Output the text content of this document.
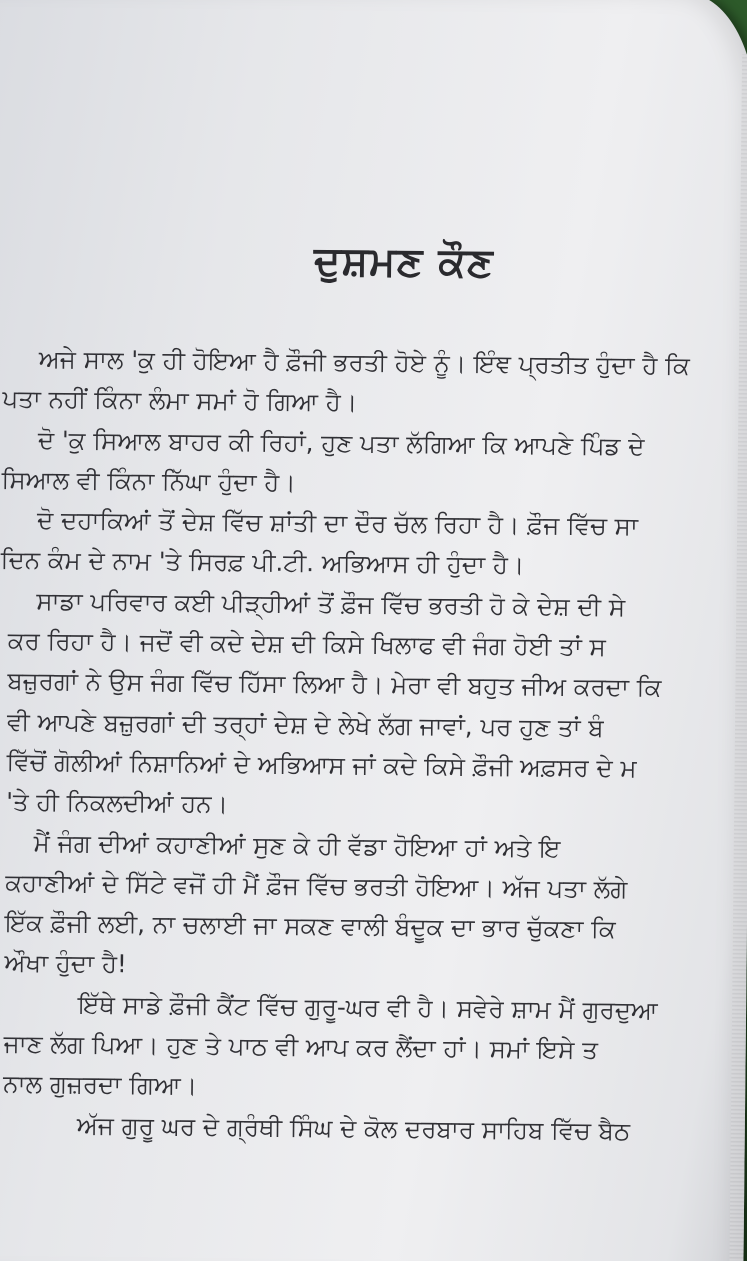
ਦੁਸ਼ਮਣ ਕੌਣ
ਅਜੇ ਸਾਲ 'ਕੁ ਹੀ ਹੋਇਆ ਹੈ ਫ਼ੌਜੀ ਭਰਤੀ ਹੋਏ ਨੂੰ। ਇੰਞ ਪ੍ਰਤੀਤ ਹੁੰਦਾ ਹੈ ਕਿ
ਪਤਾ ਨਹੀਂ ਕਿੰਨਾ ਲੰਮਾ ਸਮਾਂ ਹੋ ਗਿਆ ਹੈ।
ਦੋ 'ਕੁ ਸਿਆਲ ਬਾਹਰ ਕੀ ਰਿਹਾਂ, ਹੁਣ ਪਤਾ ਲੱਗਿਆ ਕਿ ਆਪਣੇ ਪਿੰਡ ਦੇ
ਸਿਆਲ ਵੀ ਕਿੰਨਾ ਨਿੱਘਾ ਹੁੰਦਾ ਹੈ।
ਦੋ ਦਹਾਕਿਆਂ ਤੋਂ ਦੇਸ਼ ਵਿੱਚ ਸ਼ਾਂਤੀ ਦਾ ਦੌਰ ਚੱਲ ਰਿਹਾ ਹੈ। ਫ਼ੌਜ ਵਿੱਚ ਸਾ
ਦਿਨ ਕੰਮ ਦੇ ਨਾਮ 'ਤੇ ਸਿਰਫ਼ ਪੀ.ਟੀ. ਅਭਿਆਸ ਹੀ ਹੁੰਦਾ ਹੈ।
ਸਾਡਾ ਪਰਿਵਾਰ ਕਈ ਪੀੜ੍ਹੀਆਂ ਤੋਂ ਫ਼ੌਜ ਵਿੱਚ ਭਰਤੀ ਹੋ ਕੇ ਦੇਸ਼ ਦੀ ਸੇ
ਕਰ ਰਿਹਾ ਹੈ। ਜਦੋਂ ਵੀ ਕਦੇ ਦੇਸ਼ ਦੀ ਕਿਸੇ ਖਿਲਾਫ ਵੀ ਜੰਗ ਹੋਈ ਤਾਂ ਸ
ਬਜ਼ੁਰਗਾਂ ਨੇ ਉਸ ਜੰਗ ਵਿੱਚ ਹਿੱਸਾ ਲਿਆ ਹੈ। ਮੇਰਾ ਵੀ ਬਹੁਤ ਜੀਅ ਕਰਦਾ ਕਿ
ਵੀ ਆਪਣੇ ਬਜ਼ੁਰਗਾਂ ਦੀ ਤਰ੍ਹਾਂ ਦੇਸ਼ ਦੇ ਲੇਖੇ ਲੱਗ ਜਾਵਾਂ, ਪਰ ਹੁਣ ਤਾਂ ਬੰ
ਵਿੱਚੋਂ ਗੋਲੀਆਂ ਨਿਸ਼ਾਨਿਆਂ ਦੇ ਅਭਿਆਸ ਜਾਂ ਕਦੇ ਕਿਸੇ ਫ਼ੌਜੀ ਅਫ਼ਸਰ ਦੇ ਮ
'ਤੇ ਹੀ ਨਿਕਲਦੀਆਂ ਹਨ।
ਮੈਂ ਜੰਗ ਦੀਆਂ ਕਹਾਣੀਆਂ ਸੁਣ ਕੇ ਹੀ ਵੱਡਾ ਹੋਇਆ ਹਾਂ ਅਤੇ ਇ
ਕਹਾਣੀਆਂ ਦੇ ਸਿੱਟੇ ਵਜੋਂ ਹੀ ਮੈਂ ਫ਼ੌਜ ਵਿੱਚ ਭਰਤੀ ਹੋਇਆ। ਅੱਜ ਪਤਾ ਲੱਗੇ
ਇੱਕ ਫ਼ੌਜੀ ਲਈ, ਨਾ ਚਲਾਈ ਜਾ ਸਕਣ ਵਾਲੀ ਬੰਦੂਕ ਦਾ ਭਾਰ ਚੁੱਕਣਾ ਕਿ
ਔਖਾ ਹੁੰਦਾ ਹੈ!
ਇੱਥੇ ਸਾਡੇ ਫ਼ੌਜੀ ਕੈਂਟ ਵਿੱਚ ਗੁਰੂ-ਘਰ ਵੀ ਹੈ। ਸਵੇਰੇ ਸ਼ਾਮ ਮੈਂ ਗੁਰਦੁਆ
ਜਾਣ ਲੱਗ ਪਿਆ। ਹੁਣ ਤੇ ਪਾਠ ਵੀ ਆਪ ਕਰ ਲੈਂਦਾ ਹਾਂ। ਸਮਾਂ ਇਸੇ ਤ
ਨਾਲ ਗੁਜ਼ਰਦਾ ਗਿਆ।
ਅੱਜ ਗੁਰੂ ਘਰ ਦੇ ਗ੍ਰੰਥੀ ਸਿੰਘ ਦੇ ਕੋਲ ਦਰਬਾਰ ਸਾਹਿਬ ਵਿੱਚ ਬੈਠ
